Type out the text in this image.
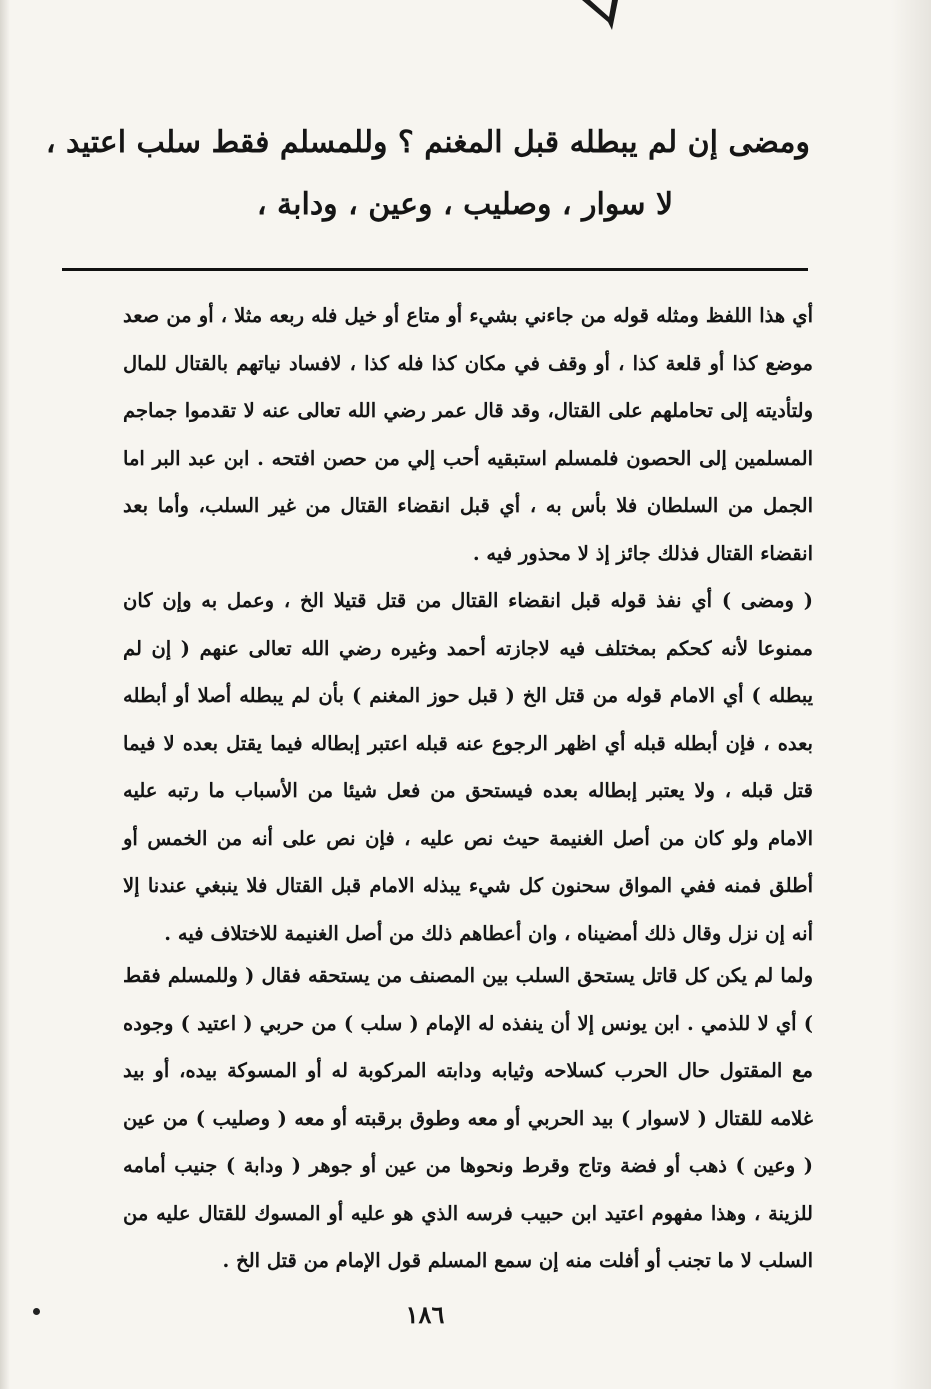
ومضى إن لم يبطله قبل المغنم ؟ وللمسلم فقط سلب اعتيد ،
لا سوار ، وصليب ، وعين ، ودابة ،

أي هذا اللفظ ومثله قوله من جاءني بشيء أو متاع أو خيل فله ربعه مثلا ، أو من صعد موضع كذا أو قلعة كذا ، أو وقف في مكان كذا فله كذا ، لافساد نياتهم بالقتال للمال ولتأديته إلى تحاملهم على القتال، وقد قال عمر رضي الله تعالى عنه لا تقدموا جماجم المسلمين إلى الحصون فلمسلم استبقيه أحب إلي من حصن افتحه . ابن عبد البر اما الجمل من السلطان فلا بأس به ، أي قبل انقضاء القتال من غير السلب، وأما بعد انقضاء القتال فذلك جائز إذ لا محذور فيه .

( ومضى ) أي نفذ قوله قبل انقضاء القتال من قتل قتيلا الخ ، وعمل به وإن كان ممنوعا لأنه كحكم بمختلف فيه لاجازته أحمد وغيره رضي الله تعالى عنهم ( إن لم يبطله ) أي الامام قوله من قتل الخ ( قبل حوز المغنم ) بأن لم يبطله أصلا أو أبطله بعده ، فإن أبطله قبله أي اظهر الرجوع عنه قبله اعتبر إبطاله فيما يقتل بعده لا فيما قتل قبله ، ولا يعتبر إبطاله بعده فيستحق من فعل شيئا من الأسباب ما رتبه عليه الامام ولو كان من أصل الغنيمة حيث نص عليه ، فإن نص على أنه من الخمس أو أطلق فمنه ففي المواق سحنون كل شيء يبذله الامام قبل القتال فلا ينبغي عندنا إلا أنه إن نزل وقال ذلك أمضيناه ، وان أعطاهم ذلك من أصل الغنيمة للاختلاف فيه .

ولما لم يكن كل قاتل يستحق السلب بين المصنف من يستحقه فقال ( وللمسلم فقط ) أي لا للذمي . ابن يونس إلا أن ينفذه له الإمام ( سلب ) من حربي ( اعتيد ) وجوده مع المقتول حال الحرب كسلاحه وثيابه ودابته المركوبة له أو المسوكة بيده، أو بيد غلامه للقتال ( لاسوار ) بيد الحربي أو معه وطوق برقبته أو معه ( وصليب ) من عين ( وعين ) ذهب أو فضة وتاج وقرط ونحوها من عين أو جوهر ( ودابة ) جنيب أمامه للزينة ، وهذا مفهوم اعتيد ابن حبيب فرسه الذي هو عليه أو المسوك للقتال عليه من السلب لا ما تجنب أو أفلت منه إن سمع المسلم قول الإمام من قتل الخ .

١٨٦
